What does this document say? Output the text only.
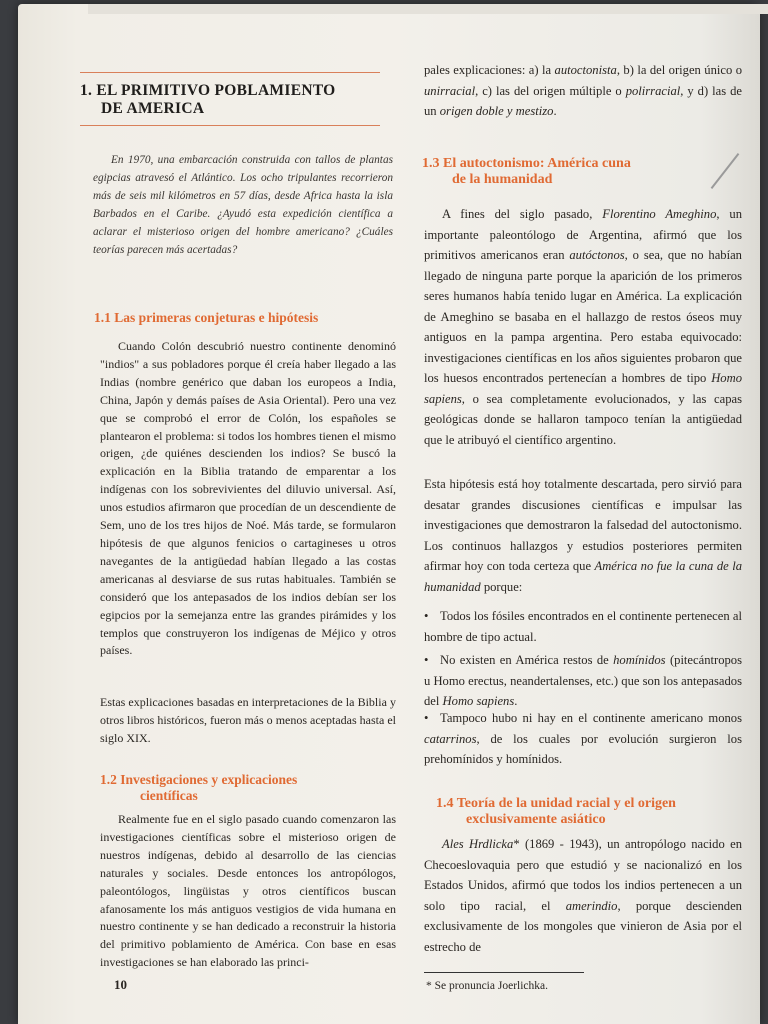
1. EL PRIMITIVO POBLAMIENTO
DE AMERICA
En 1970, una embarcación construida con tallos de plantas egipcias atravesó el Atlántico. Los ocho tripulantes recorrieron más de seis mil kilómetros en 57 días, desde Africa hasta la isla Barbados en el Caribe. ¿Ayudó esta expedición científica a aclarar el misterioso origen del hombre americano? ¿Cuáles teorías parecen más acertadas?
1.1 Las primeras conjeturas e hipótesis
Cuando Colón descubrió nuestro continente denominó "indios" a sus pobladores porque él creía haber llegado a las Indias (nombre genérico que daban los europeos a India, China, Japón y demás países de Asia Oriental). Pero una vez que se comprobó el error de Colón, los españoles se plantearon el problema: si todos los hombres tienen el mismo origen, ¿de quiénes descienden los indios? Se buscó la explicación en la Biblia tratando de emparentar a los indígenas con los sobrevivientes del diluvio universal. Así, unos estudios afirmaron que procedían de un descendiente de Sem, uno de los tres hijos de Noé. Más tarde, se formularon hipótesis de que algunos fenicios o cartagineses u otros navegantes de la antigüedad habían llegado a las costas americanas al desviarse de sus rutas habituales. También se consideró que los antepasados de los indios debían ser los egipcios por la semejanza entre las grandes pirámides y los templos que construyeron los indígenas de Méjico y otros países.
Estas explicaciones basadas en interpretaciones de la Biblia y otros libros históricos, fueron más o menos aceptadas hasta el siglo XIX.
1.2 Investigaciones y explicaciones
científicas
Realmente fue en el siglo pasado cuando comenzaron las investigaciones científicas sobre el misterioso origen de nuestros indígenas, debido al desarrollo de las ciencias naturales y sociales. Desde entonces los antropólogos, paleontólogos, lingüistas y otros científicos buscan afanosamente los más antiguos vestigios de vida humana en nuestro continente y se han dedicado a reconstruir la historia del primitivo poblamiento de América. Con base en esas investigaciones se han elaborado las princi-
10
pales explicaciones: a) la autoctonista, b) la del origen único o unirracial, c) las del origen múltiple o polirracial, y d) las de un origen doble y mestizo.
1.3 El autoctonismo: América cuna
de la humanidad
A fines del siglo pasado, Florentino Ameghino, un importante paleontólogo de Argentina, afirmó que los primitivos americanos eran autóctonos, o sea, que no habían llegado de ninguna parte porque la aparición de los primeros seres humanos había tenido lugar en América. La explicación de Ameghino se basaba en el hallazgo de restos óseos muy antiguos en la pampa argentina. Pero estaba equivocado: investigaciones científicas en los años siguientes probaron que los huesos encontrados pertenecían a hombres de tipo Homo sapiens, o sea completamente evolucionados, y las capas geológicas donde se hallaron tampoco tenían la antigüedad que le atribuyó el científico argentino.
Esta hipótesis está hoy totalmente descartada, pero sirvió para desatar grandes discusiones científicas e impulsar las investigaciones que demostraron la falsedad del autoctonismo. Los continuos hallazgos y estudios posteriores permiten afirmar hoy con toda certeza que América no fue la cuna de la humanidad porque:
• Todos los fósiles encontrados en el continente pertenecen al hombre de tipo actual.
• No existen en América restos de homínidos (pitecántropos u Homo erectus, neandertalenses, etc.) que son los antepasados del Homo sapiens.
• Tampoco hubo ni hay en el continente americano monos catarrinos, de los cuales por evolución surgieron los prehomínidos y homínidos.
1.4 Teoría de la unidad racial y el origen
exclusivamente asiático
Ales Hrdlicka* (1869 - 1943), un antropólogo nacido en Checoeslovaquia pero que estudió y se nacionalizó en los Estados Unidos, afirmó que todos los indios pertenecen a un solo tipo racial, el amerindio, porque descienden exclusivamente de los mongoles que vinieron de Asia por el estrecho de
* Se pronuncia Joerlichka.
